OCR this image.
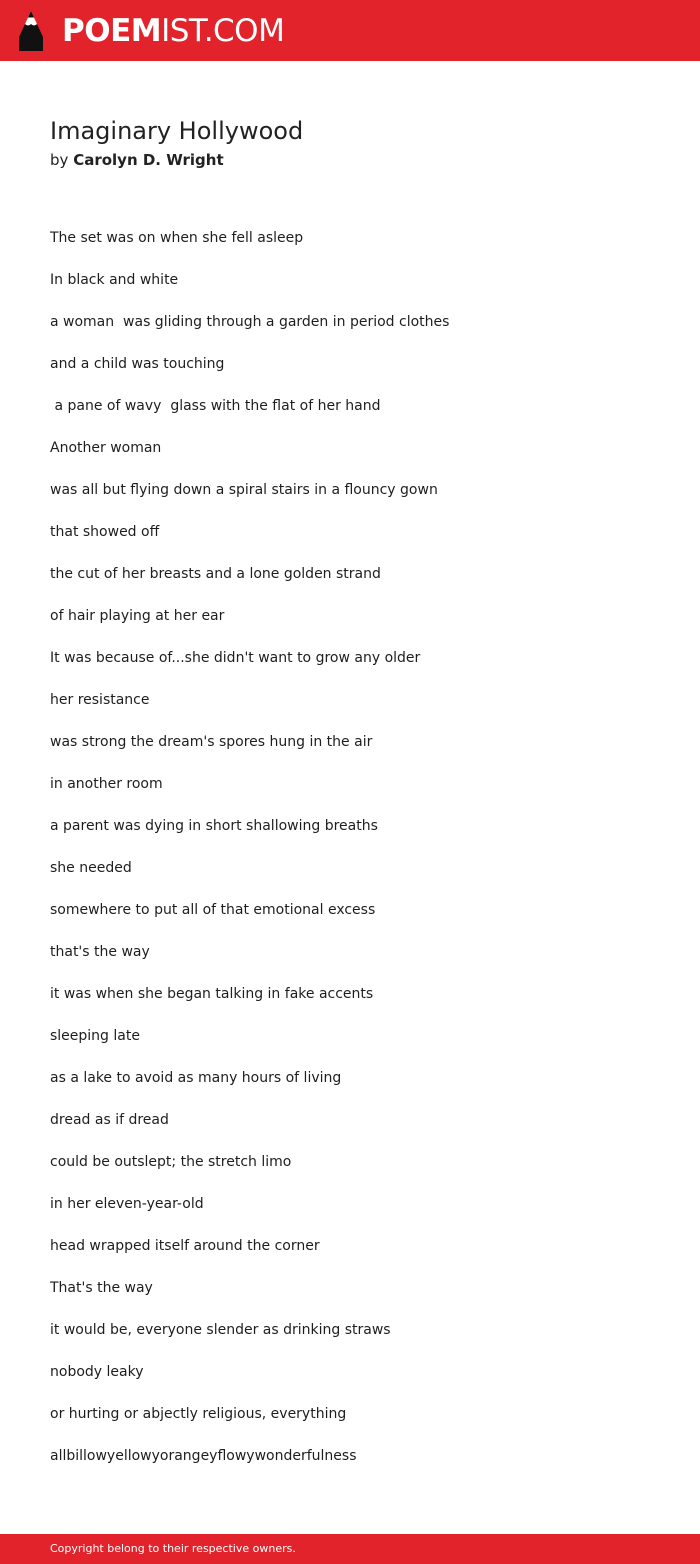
POEMIST.COM
Imaginary Hollywood
by Carolyn D. Wright
The set was on when she fell asleep
In black and white
a woman  was gliding through a garden in period clothes
and a child was touching
a pane of wavy  glass with the flat of her hand
Another woman
was all but flying down a spiral stairs in a flouncy gown
that showed off
the cut of her breasts and a lone golden strand
of hair playing at her ear
It was because of...she didn't want to grow any older
her resistance
was strong the dream's spores hung in the air
in another room
a parent was dying in short shallowing breaths
she needed
somewhere to put all of that emotional excess
that's the way
it was when she began talking in fake accents
sleeping late
as a lake to avoid as many hours of living
dread as if dread
could be outslept; the stretch limo
in her eleven-year-old
head wrapped itself around the corner
That's the way
it would be, everyone slender as drinking straws
nobody leaky
or hurting or abjectly religious, everything
allbillowyellowyorangeyflowywonderfulness
Copyright belong to their respective owners.
